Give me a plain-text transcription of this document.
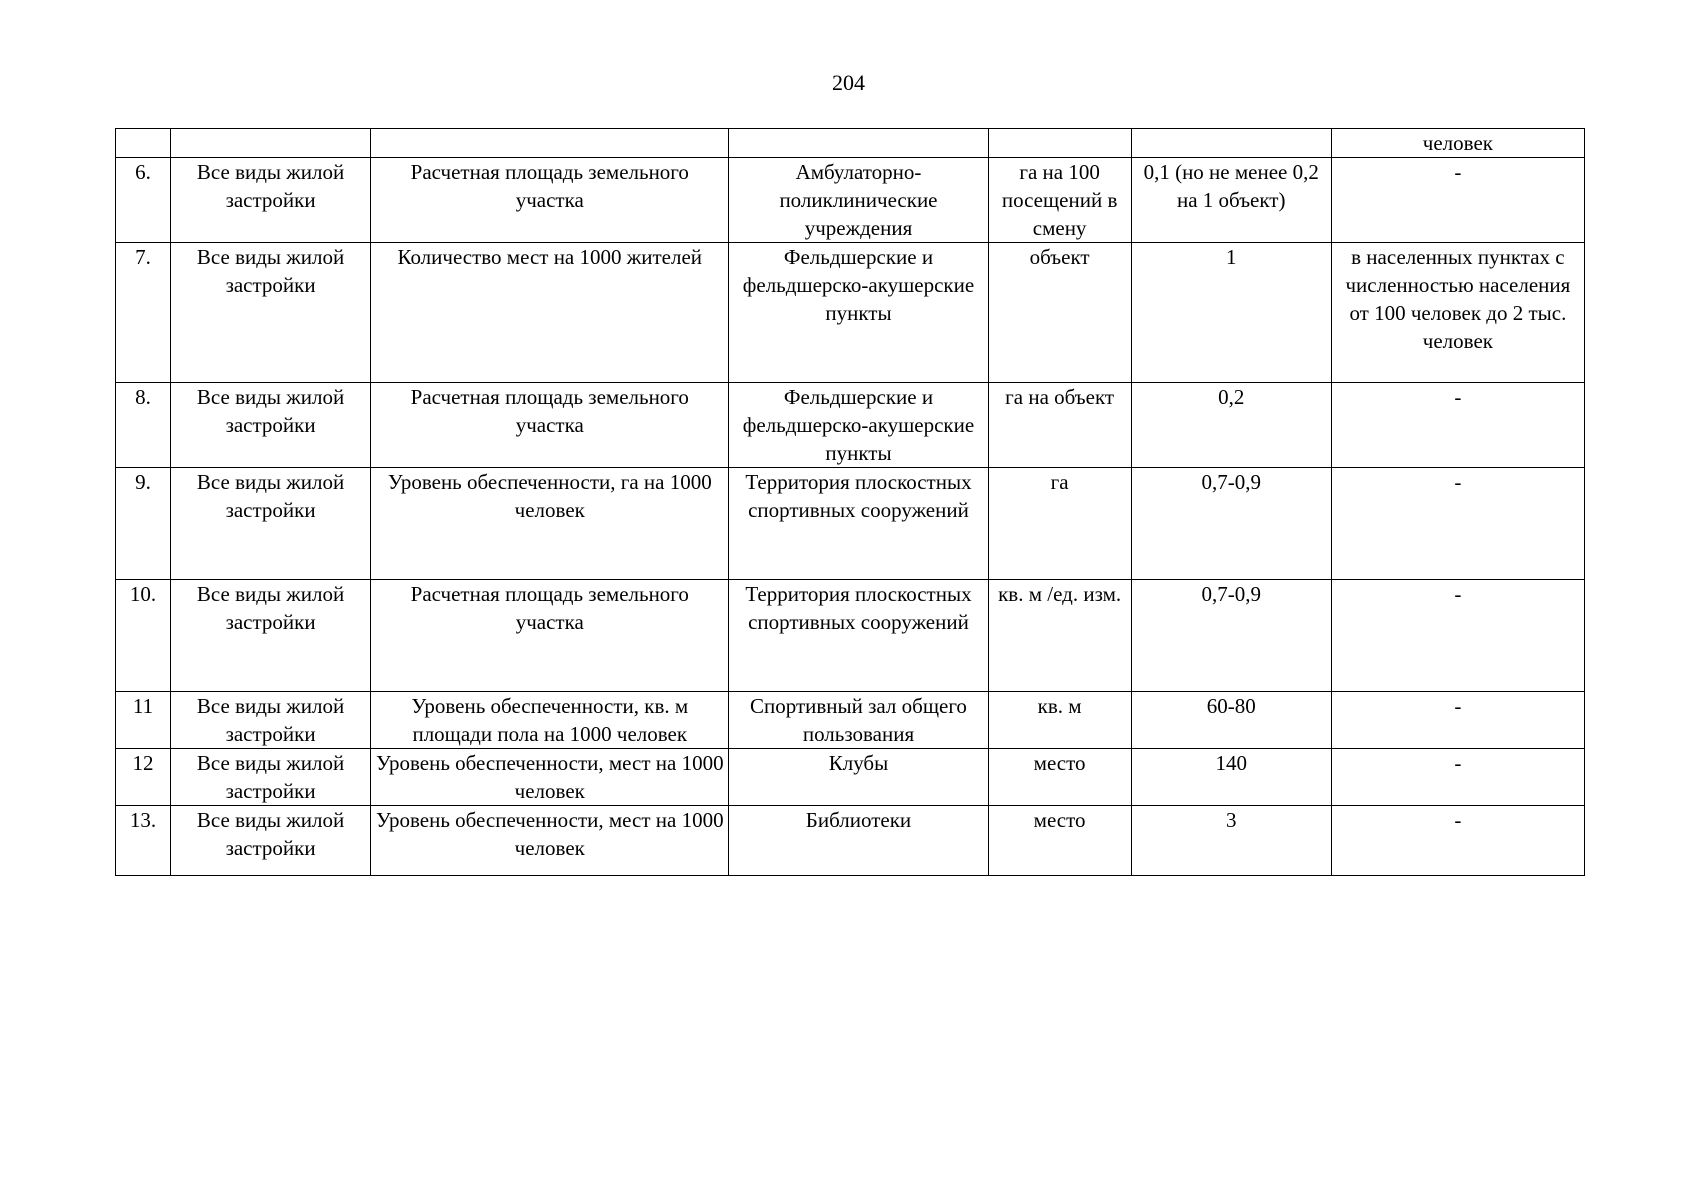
204
						человек
6.	Все виды жилой застройки	Расчетная площадь земельного участка	Амбулаторно-поликлинические учреждения	га на 100 посещений в смену	0,1 (но не менее 0,2 на 1 объект)	-
7.	Все виды жилой застройки	Количество мест на 1000 жителей	Фельдшерские и фельдшерско-акушерские пункты	объект	1	в населенных пунктах с численностью населения от 100 человек до 2 тыс. человек
8.	Все виды жилой застройки	Расчетная площадь земельного участка	Фельдшерские и фельдшерско-акушерские пункты	га на объект	0,2	-
9.	Все виды жилой застройки	Уровень обеспеченности, га на 1000 человек	Территория плоскостных спортивных сооружений	га	0,7-0,9	-
10.	Все виды жилой застройки	Расчетная площадь земельного участка	Территория плоскостных спортивных сооружений	кв. м /ед. изм.	0,7-0,9	-
11	Все виды жилой застройки	Уровень обеспеченности, кв. м площади пола на 1000 человек	Спортивный зал общего пользования	кв. м	60-80	-
12	Все виды жилой застройки	Уровень обеспеченности, мест на 1000 человек	Клубы	место	140	-
13.	Все виды жилой застройки	Уровень обеспеченности, мест на 1000 человек	Библиотеки	место	3	-
